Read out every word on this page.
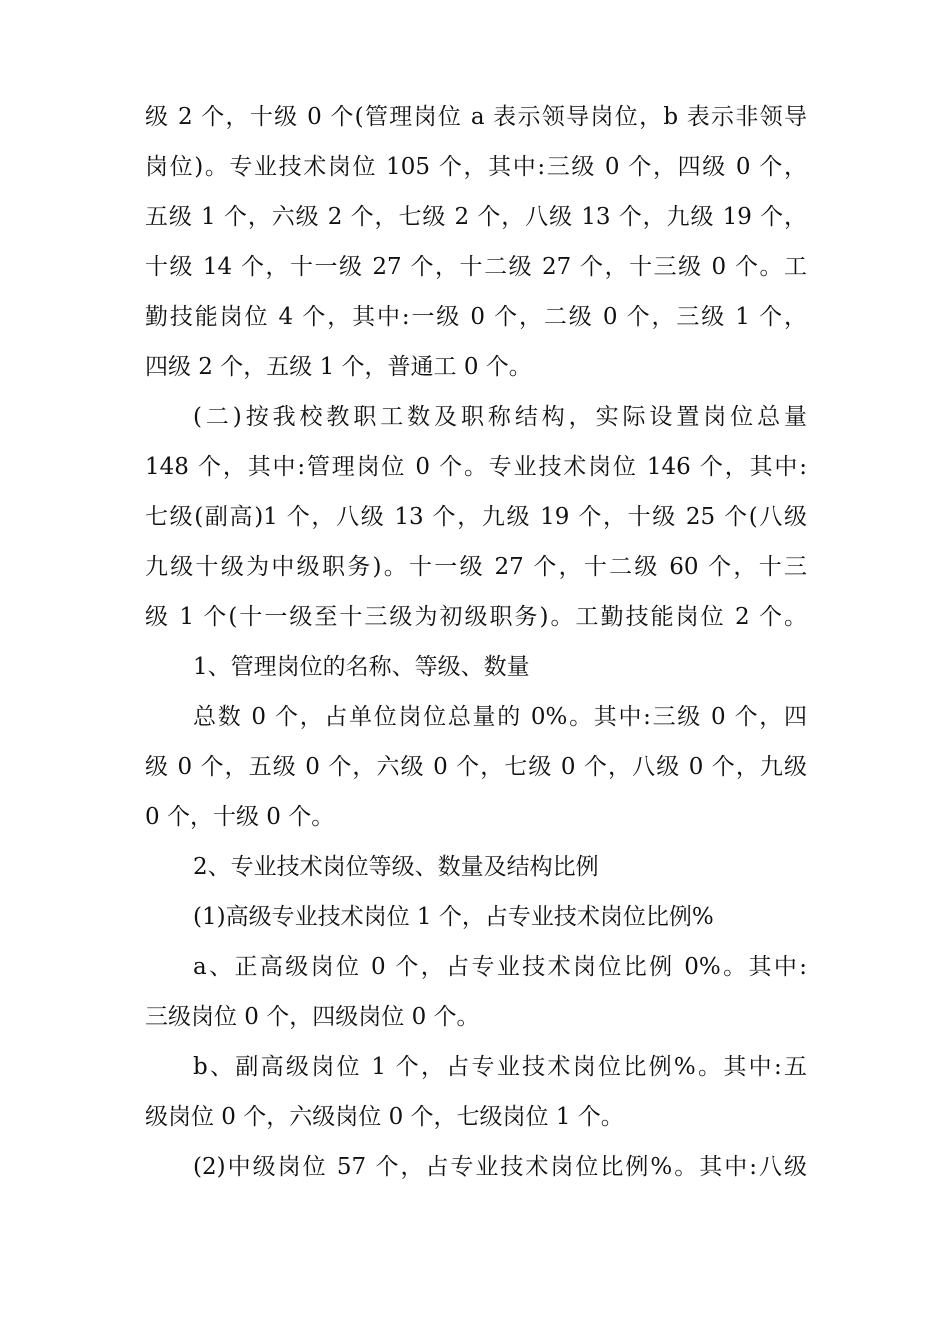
级 2 个，十级 0 个(管理岗位 a 表示领导岗位，b 表示非领导
岗位)。专业技术岗位 105 个，其中:三级 0 个，四级 0 个，
五级 1 个，六级 2 个，七级 2 个，八级 13 个，九级 19 个，
十级 14 个，十一级 27 个，十二级 27 个，十三级 0 个。工
勤技能岗位 4 个，其中:一级 0 个，二级 0 个，三级 1 个，
四级 2 个，五级 1 个，普通工 0 个。
(二)按我校教职工数及职称结构，实际设置岗位总量
148 个，其中:管理岗位 0 个。专业技术岗位 146 个，其中:
七级(副高)1 个，八级 13 个，九级 19 个，十级 25 个(八级
九级十级为中级职务)。十一级 27 个，十二级 60 个，十三
级 1 个(十一级至十三级为初级职务)。工勤技能岗位 2 个。
1、管理岗位的名称、等级、数量
总数 0 个，占单位岗位总量的 0%。其中:三级 0 个，四
级 0 个，五级 0 个，六级 0 个，七级 0 个，八级 0 个，九级
0 个，十级 0 个。
2、专业技术岗位等级、数量及结构比例
(1)高级专业技术岗位 1 个，占专业技术岗位比例%
a、正高级岗位 0 个，占专业技术岗位比例 0%。其中:
三级岗位 0 个，四级岗位 0 个。
b、副高级岗位 1 个，占专业技术岗位比例%。其中:五
级岗位 0 个，六级岗位 0 个，七级岗位 1 个。
(2)中级岗位 57 个，占专业技术岗位比例%。其中:八级
